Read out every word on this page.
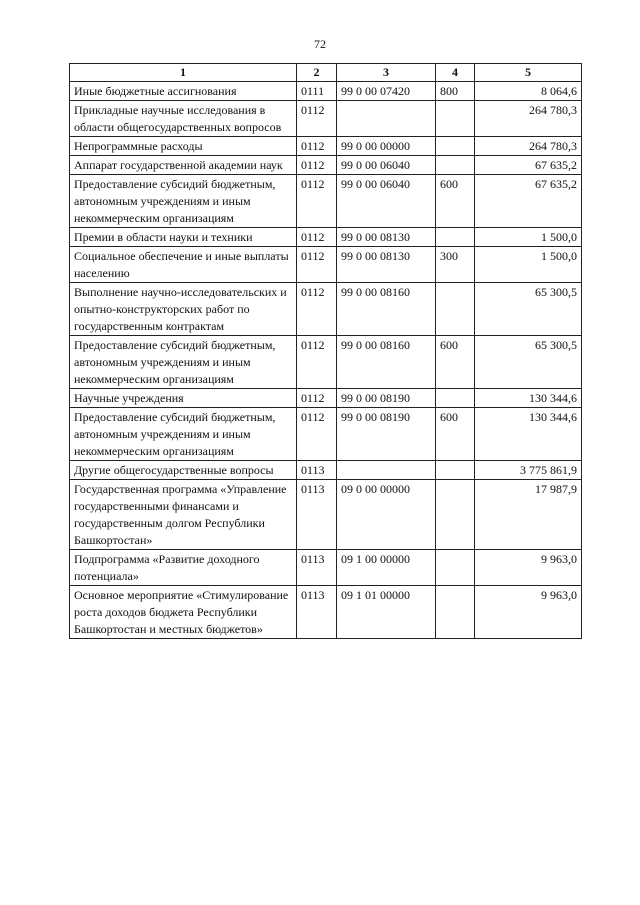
72
1	2	3	4	5
Иные бюджетные ассигнования	0111	99 0 00 07420	800	8 064,6
Прикладные научные исследования в области общегосударственных вопросов	0112			264 780,3
Непрограммные расходы	0112	99 0 00 00000		264 780,3
Аппарат государственной академии наук	0112	99 0 00 06040		67 635,2
Предоставление субсидий бюджетным, автономным учреждениям и иным некоммерческим организациям	0112	99 0 00 06040	600	67 635,2
Премии в области науки и техники	0112	99 0 00 08130		1 500,0
Социальное обеспечение и иные выплаты населению	0112	99 0 00 08130	300	1 500,0
Выполнение научно-исследовательских и опытно-конструкторских работ по государственным контрактам	0112	99 0 00 08160		65 300,5
Предоставление субсидий бюджетным, автономным учреждениям и иным некоммерческим организациям	0112	99 0 00 08160	600	65 300,5
Научные учреждения	0112	99 0 00 08190		130 344,6
Предоставление субсидий бюджетным, автономным учреждениям и иным некоммерческим организациям	0112	99 0 00 08190	600	130 344,6
Другие общегосударственные вопросы	0113			3 775 861,9
Государственная программа «Управление государственными финансами и государственным долгом Республики Башкортостан»	0113	09 0 00 00000		17 987,9
Подпрограмма «Развитие доходного потенциала»	0113	09 1 00 00000		9 963,0
Основное мероприятие «Стимулирование роста доходов бюджета Республики Башкортостан и местных бюджетов»	0113	09 1 01 00000		9 963,0
